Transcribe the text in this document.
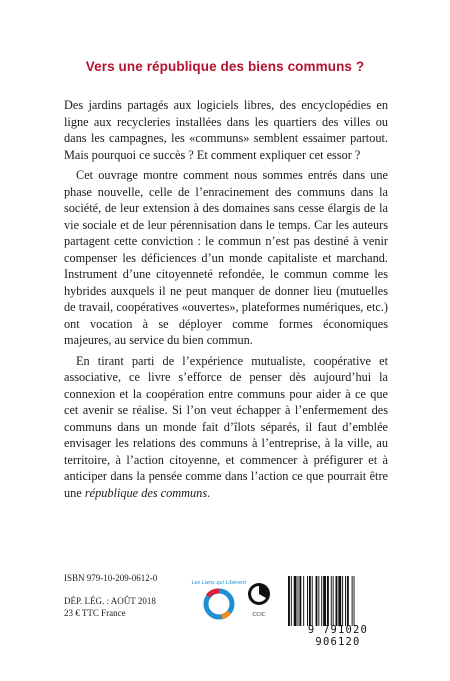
Vers une république des biens communs ?

Des jardins partagés aux logiciels libres, des encyclopédies en ligne aux recycleries installées dans les quartiers des villes ou dans les campagnes, les «communs» semblent essaimer partout. Mais pourquoi ce succès ? Et comment expliquer cet essor ?

Cet ouvrage montre comment nous sommes entrés dans une phase nouvelle, celle de l’enracinement des communs dans la société, de leur extension à des domaines sans cesse élargis de la vie sociale et de leur pérennisation dans le temps. Car les auteurs partagent cette conviction : le commun n’est pas destiné à venir compenser les déficiences d’un monde capitaliste et marchand. Instrument d’une citoyenneté refondée, le commun comme les hybrides auxquels il ne peut manquer de donner lieu (mutuelles de travail, coopératives «ouvertes», plateformes numériques, etc.) ont vocation à se déployer comme formes économiques majeures, au service du bien commun.

En tirant parti de l’expérience mutualiste, coopérative et associative, ce livre s’efforce de penser dès aujourd’hui la connexion et la coopération entre communs pour aider à ce que cet avenir se réalise. Si l’on veut échapper à l’enfermement des communs dans un monde fait d’îlots séparés, il faut d’emblée envisager les relations des communs à l’entreprise, à la ville, au territoire, à l’action citoyenne, et commencer à préfigurer et à anticiper dans la pensée comme dans l’action ce que pourrait être une république des communs.

ISBN 979-10-209-0612-0
DÉP. LÉG. : AOÛT 2018
23 € TTC France
Les Liens qui Libèrent
CCIC
9 791020 906120
